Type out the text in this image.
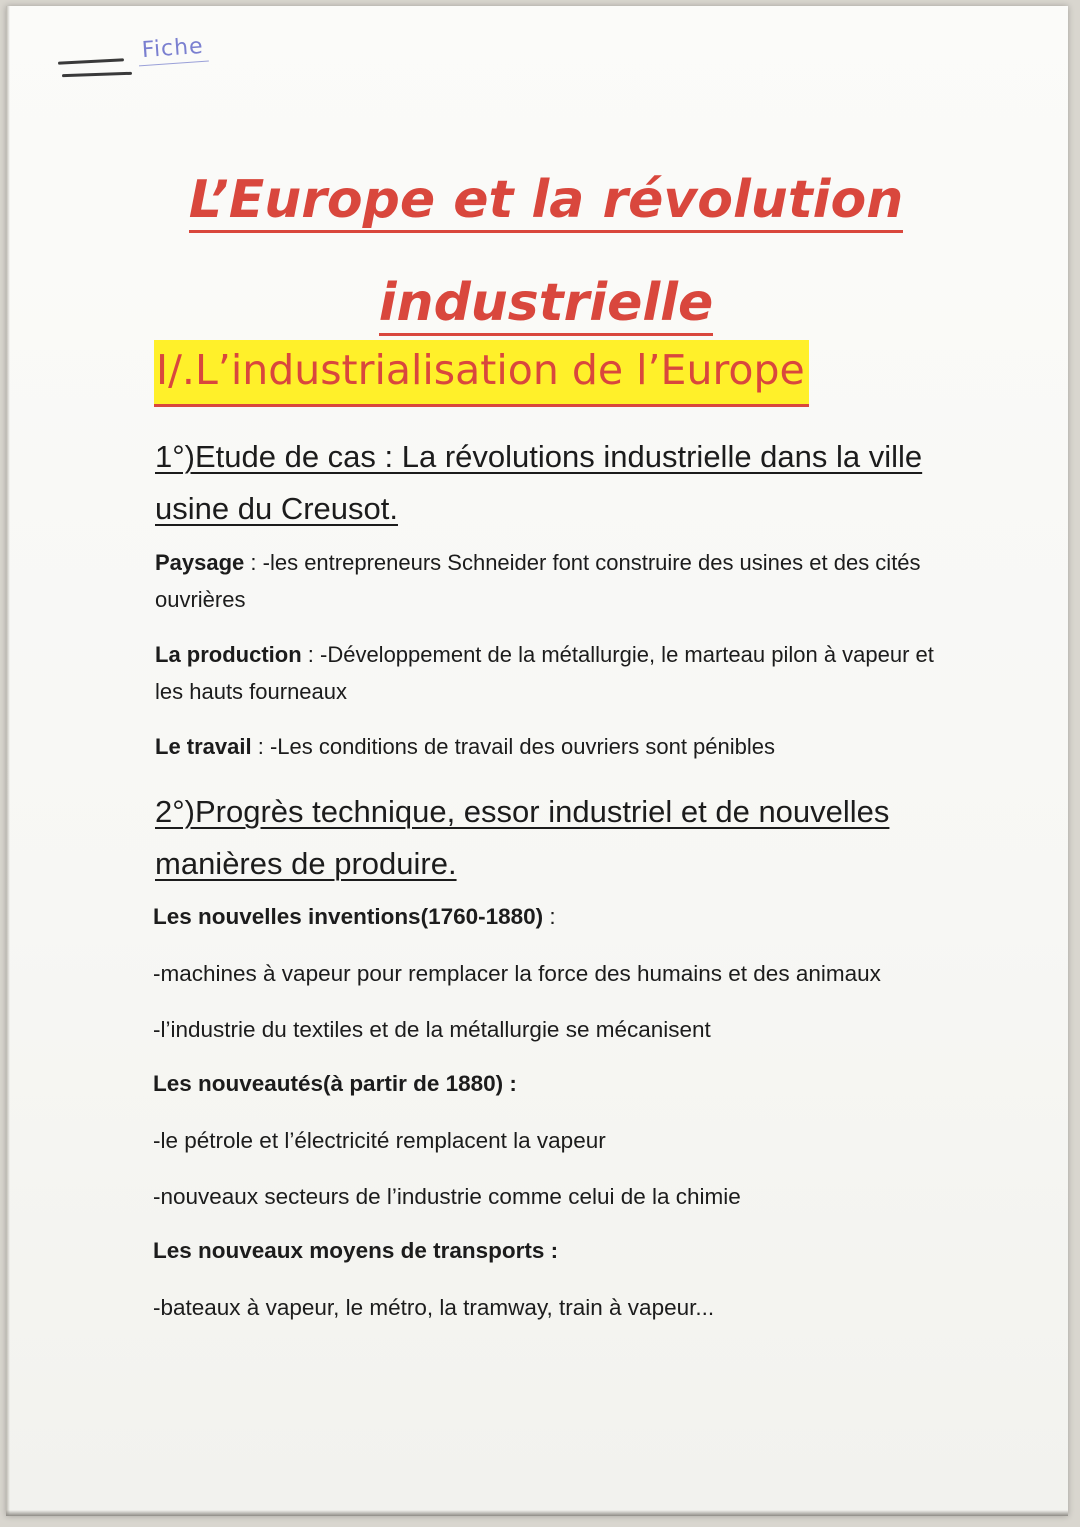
Fiche
L’Europe et la révolution
industrielle
I/.L’industrialisation de l’Europe
1°)Etude de cas : La révolutions industrielle dans la ville
usine du Creusot.
Paysage : -les entrepreneurs Schneider font construire des usines et des cités ouvrières
La production : -Développement de la métallurgie, le marteau pilon à vapeur et les hauts fourneaux
Le travail : -Les conditions de travail des ouvriers sont pénibles
2°)Progrès technique, essor industriel et de nouvelles
manières de produire.
Les nouvelles inventions(1760-1880) :
-machines à vapeur pour remplacer la force des humains et des animaux
-l’industrie du textiles et de la métallurgie se mécanisent
Les nouveautés(à partir de 1880) :
-le pétrole et l’électricité remplacent la vapeur
-nouveaux secteurs de l’industrie comme celui de la chimie
Les nouveaux moyens de transports :
-bateaux à vapeur, le métro, la tramway, train à vapeur...
